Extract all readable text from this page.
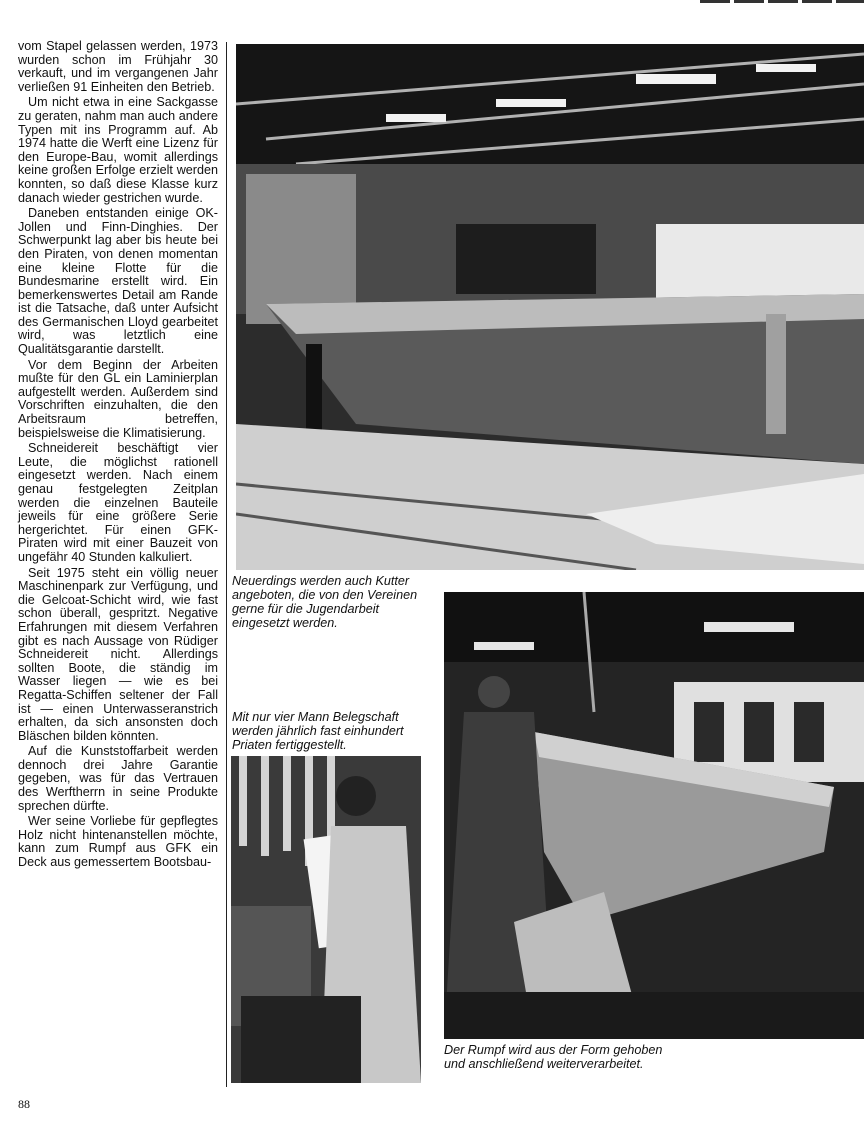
vom Stapel gelassen werden, 1973 wurden schon im Frühjahr 30 verkauft, und im vergangenen Jahr verließen 91 Einheiten den Betrieb.

Um nicht etwa in eine Sackgasse zu geraten, nahm man auch andere Typen mit ins Programm auf. Ab 1974 hatte die Werft eine Lizenz für den Europe-Bau, womit allerdings keine großen Erfolge erzielt werden konnten, so daß diese Klasse kurz danach wieder gestrichen wurde.

Daneben entstanden einige OK-Jollen und Finn-Dinghies. Der Schwerpunkt lag aber bis heute bei den Piraten, von denen momentan eine kleine Flotte für die Bundesmarine erstellt wird. Ein bemerkenswertes Detail am Rande ist die Tatsache, daß unter Aufsicht des Germanischen Lloyd gearbeitet wird, was letztlich eine Qualitätsgarantie darstellt.

Vor dem Beginn der Arbeiten mußte für den GL ein Laminierplan aufgestellt werden. Außerdem sind Vorschriften einzuhalten, die den Arbeitsraum betreffen, beispielsweise die Klimatisierung.

Schneidereit beschäftigt vier Leute, die möglichst rationell eingesetzt werden. Nach einem genau festgelegten Zeitplan werden die einzelnen Bauteile jeweils für eine größere Serie hergerichtet. Für einen GFK-Piraten wird mit einer Bauzeit von ungefähr 40 Stunden kalkuliert.

Seit 1975 steht ein völlig neuer Maschinenpark zur Verfügung, und die Gelcoat-Schicht wird, wie fast schon überall, gespritzt. Negative Erfahrungen mit diesem Verfahren gibt es nach Aussage von Rüdiger Schneidereit nicht. Allerdings sollten Boote, die ständig im Wasser liegen — wie es bei Regatta-Schiffen seltener der Fall ist — einen Unterwasseranstrich erhalten, da sich ansonsten doch Bläschen bilden könnten.

Auf die Kunststoffarbeit werden dennoch drei Jahre Garantie gegeben, was für das Vertrauen des Werftherrn in seine Produkte sprechen dürfte.

Wer seine Vorliebe für gepflegtes Holz nicht hintenanstellen möchte, kann zum Rumpf aus GFK ein Deck aus gemessertem Bootsbau-

Neuerdings werden auch Kutter angeboten, die von den Vereinen gerne für die Jugendarbeit eingesetzt werden.
Mit nur vier Mann Belegschaft werden jährlich fast einhundert Priaten fertiggestellt.
Der Rumpf wird aus der Form gehoben und anschließend weiterverarbeitet.
88
